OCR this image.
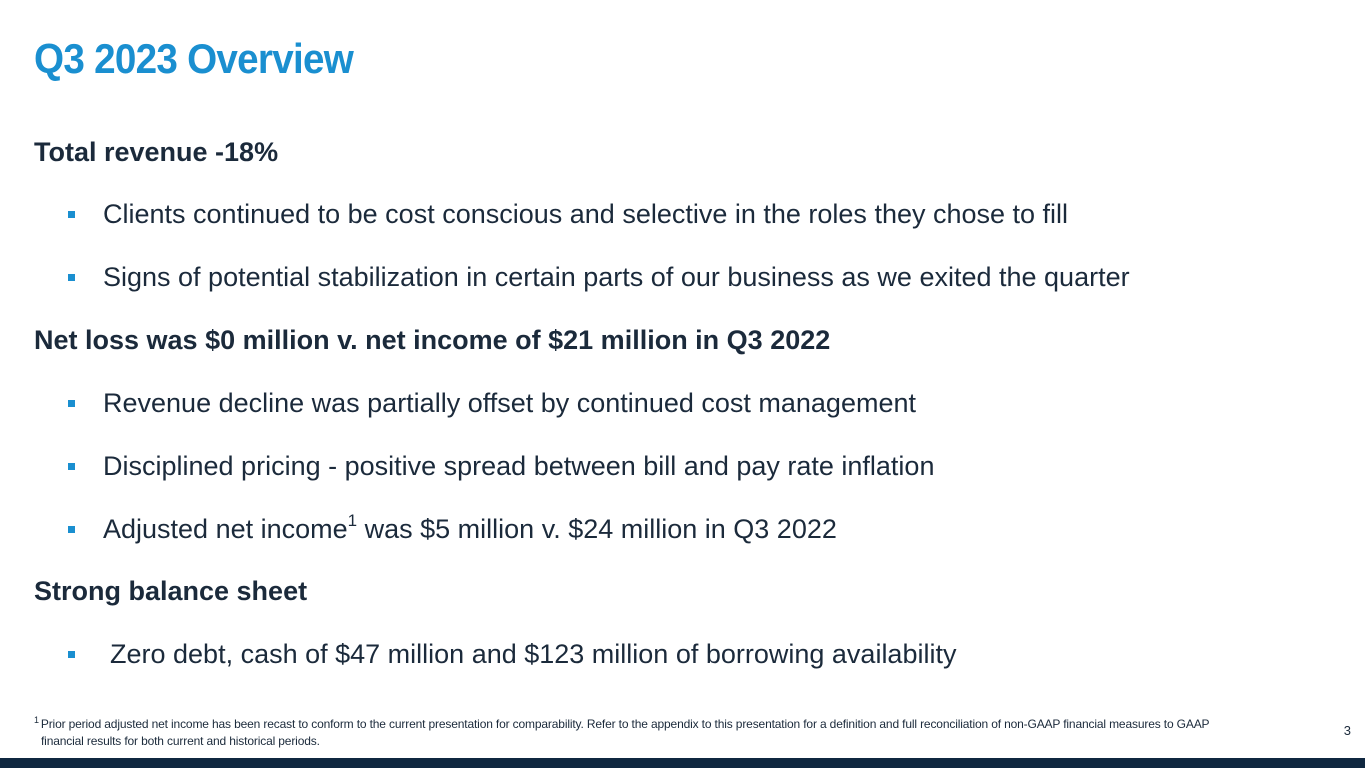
Q3 2023 Overview
Total revenue -18%
Clients continued to be cost conscious and selective in the roles they chose to fill
Signs of potential stabilization in certain parts of our business as we exited the quarter
Net loss was $0 million v. net income of $21 million in Q3 2022
Revenue decline was partially offset by continued cost management
Disciplined pricing - positive spread between bill and pay rate inflation
Adjusted net income$^1$ was $5 million v. $24 million in Q3 2022
Strong balance sheet
Zero debt, cash of $47 million and $123 million of borrowing availability

$^1$ Prior period adjusted net income has been recast to conform to the current presentation for comparability. Refer to the appendix to this presentation for a definition and full reconciliation of non-GAAP financial measures to GAAP
financial results for both current and historical periods.

3
